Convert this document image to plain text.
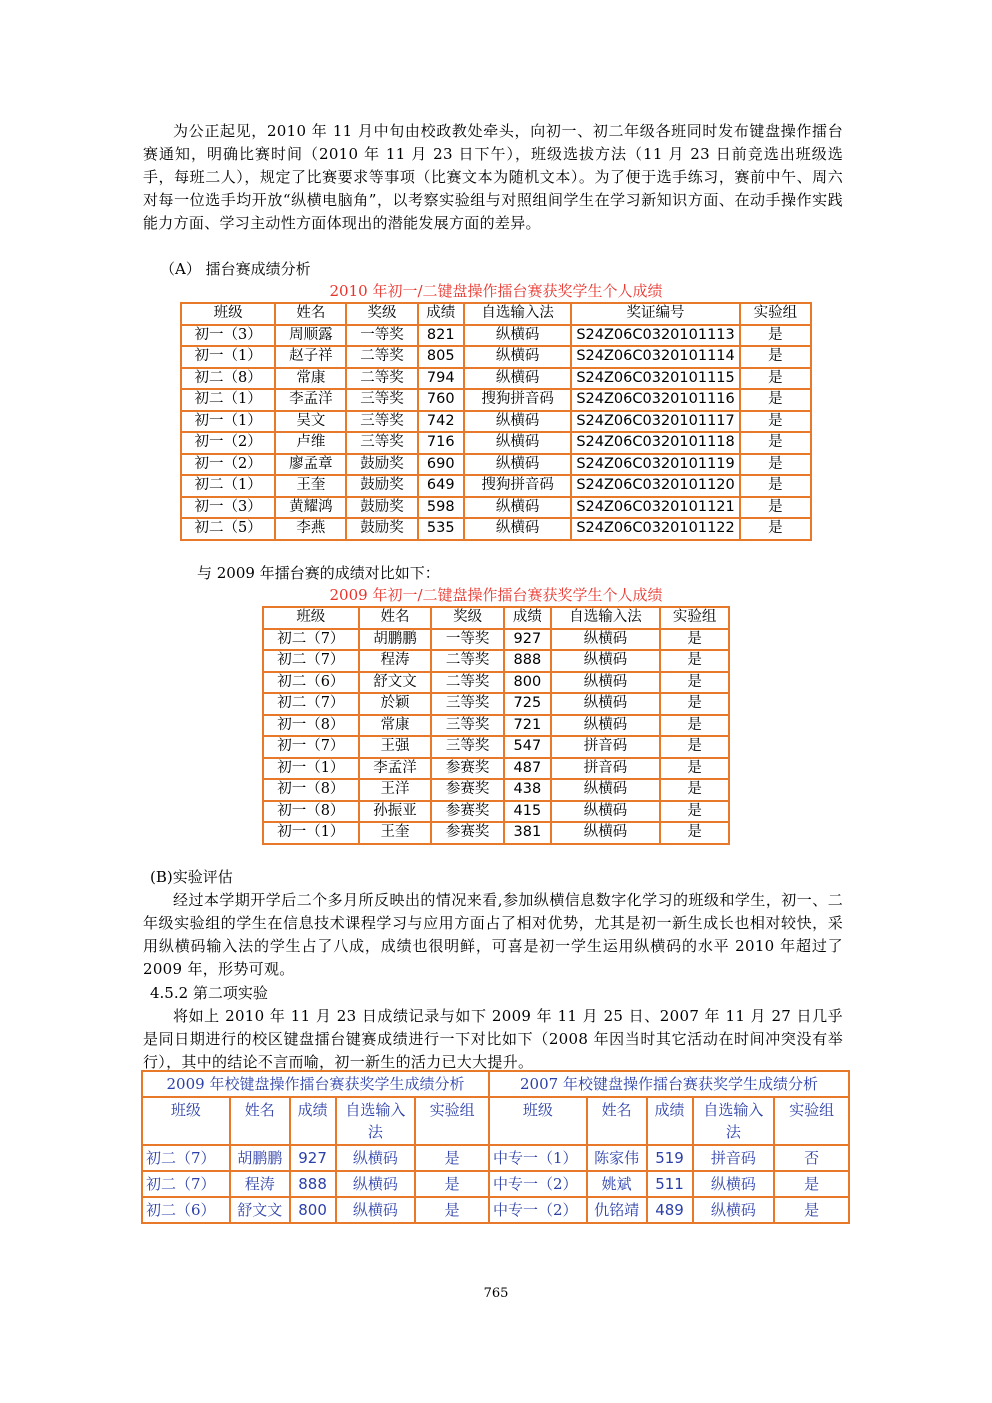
为公正起见，2010 年 11 月中旬由校政教处牵头，向初一、初二年级各班同时发布键盘操作擂台赛通知，明确比赛时间（2010 年 11 月 23 日下午），班级选拔方法（11 月 23 日前竞选出班级选手，每班二人），规定了比赛要求等事项（比赛文本为随机文本）。为了便于选手练习，赛前中午、周六对每一位选手均开放“纵横电脑角”，以考察实验组与对照组间学生在学习新知识方面、在动手操作实践能力方面、学习主动性方面体现出的潜能发展方面的差异。
（A） 擂台赛成绩分析
2010 年初一/二键盘操作擂台赛获奖学生个人成绩
班级	姓名	奖级	成绩	自选输入法	奖证编号	实验组
初一（3）	周顺露	一等奖	821	纵横码	S24Z06C0320101113	是
初一（1）	赵子祥	二等奖	805	纵横码	S24Z06C0320101114	是
初二（8）	常康	二等奖	794	纵横码	S24Z06C0320101115	是
初二（1）	李孟洋	三等奖	760	搜狗拼音码	S24Z06C0320101116	是
初一（1）	吴文	三等奖	742	纵横码	S24Z06C0320101117	是
初一（2）	卢维	三等奖	716	纵横码	S24Z06C0320101118	是
初一（2）	廖孟章	鼓励奖	690	纵横码	S24Z06C0320101119	是
初二（1）	王奎	鼓励奖	649	搜狗拼音码	S24Z06C0320101120	是
初一（3）	黄耀鸿	鼓励奖	598	纵横码	S24Z06C0320101121	是
初二（5）	李燕	鼓励奖	535	纵横码	S24Z06C0320101122	是
与 2009 年擂台赛的成绩对比如下：
2009 年初一/二键盘操作擂台赛获奖学生个人成绩
班级	姓名	奖级	成绩	自选输入法	实验组
初二（7）	胡鹏鹏	一等奖	927	纵横码	是
初二（7）	程涛	二等奖	888	纵横码	是
初二（6）	舒文文	二等奖	800	纵横码	是
初二（7）	於颖	三等奖	725	纵横码	是
初一（8）	常康	三等奖	721	纵横码	是
初一（7）	王强	三等奖	547	拼音码	是
初一（1）	李孟洋	参赛奖	487	拼音码	是
初一（8）	王洋	参赛奖	438	纵横码	是
初一（8）	孙振亚	参赛奖	415	纵横码	是
初一（1）	王奎	参赛奖	381	纵横码	是
(B)实验评估
经过本学期开学后二个多月所反映出的情况来看,参加纵横信息数字化学习的班级和学生，初一、二年级实验组的学生在信息技术课程学习与应用方面占了相对优势，尤其是初一新生成长也相对较快，采用纵横码输入法的学生占了八成，成绩也很明鲜，可喜是初一学生运用纵横码的水平 2010 年超过了 2009 年，形势可观。
4.5.2 第二项实验
将如上 2010 年 11 月 23 日成绩记录与如下 2009 年 11 月 25 日、2007 年 11 月 27 日几乎是同日期进行的校区键盘擂台键赛成绩进行一下对比如下（2008 年因当时其它活动在时间冲突没有举行），其中的结论不言而喻，初一新生的活力已大大提升。
2009 年校键盘操作擂台赛获奖学生成绩分析					2007 年校键盘操作擂台赛获奖学生成绩分析				
班级	姓名	成绩	自选输入法	实验组	班级	姓名	成绩	自选输入法	实验组
初二（7）	胡鹏鹏	927	纵横码	是	中专一（1）	陈家伟	519	拼音码	否
初二（7）	程涛	888	纵横码	是	中专一（2）	姚斌	511	纵横码	是
初二（6）	舒文文	800	纵横码	是	中专一（2）	仇铭靖	489	纵横码	是
765
